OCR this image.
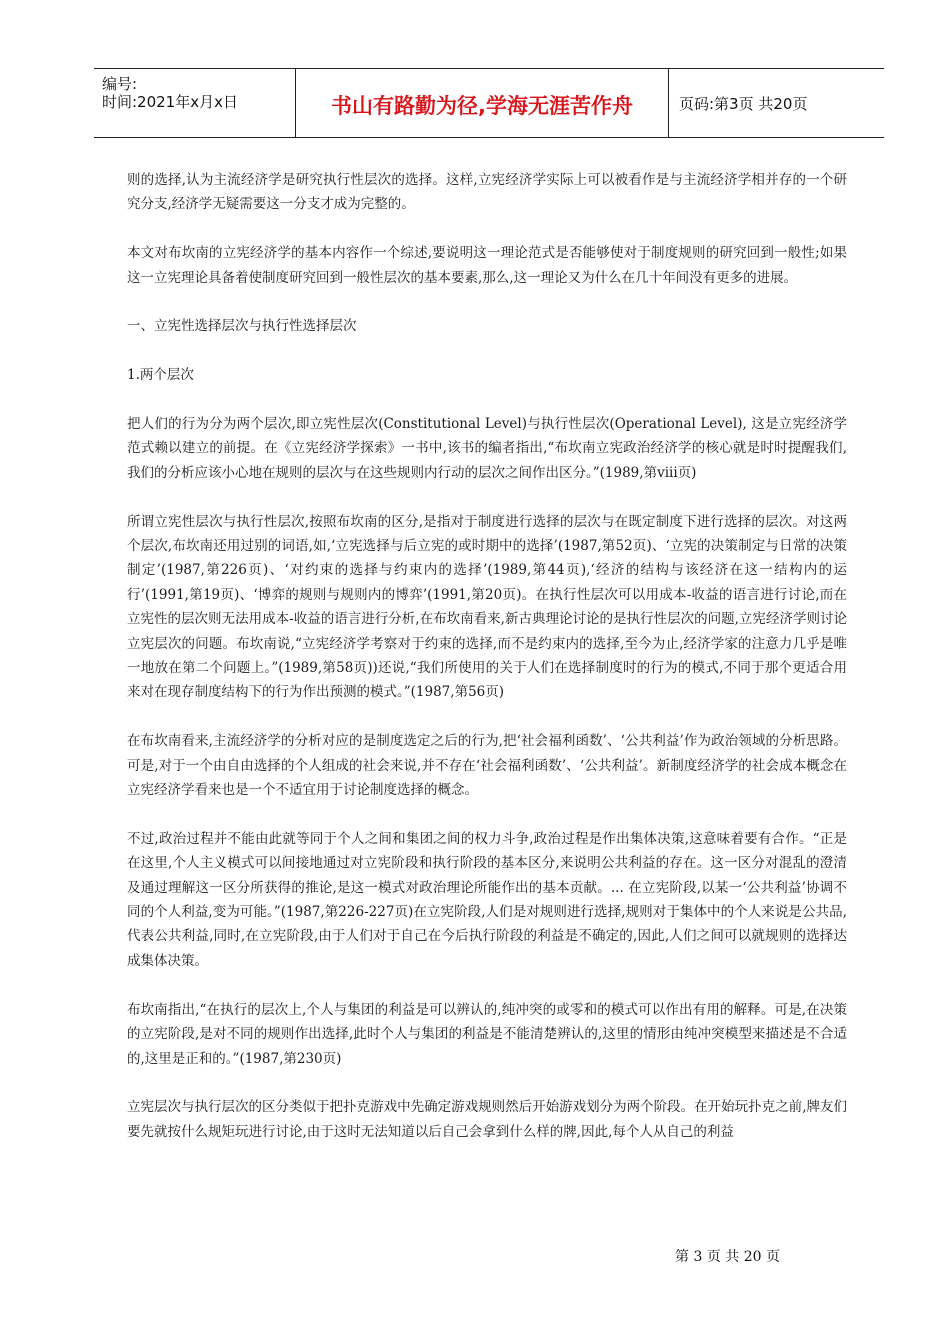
编号:
时间:2021年x月x日	书山有路勤为径,学海无涯苦作舟	页码:第3页 共20页

则的选择,认为主流经济学是研究执行性层次的选择。这样,立宪经济学实际上可以被看作是与主流经济学相并存的一个研究分支,经济学无疑需要这一分支才成为完整的。

本文对布坎南的立宪经济学的基本内容作一个综述,要说明这一理论范式是否能够使对于制度规则的研究回到一般性;如果这一立宪理论具备着使制度研究回到一般性层次的基本要素,那么,这一理论又为什么在几十年间没有更多的进展。

一、立宪性选择层次与执行性选择层次

1.两个层次

把人们的行为分为两个层次,即立宪性层次(Constitutional Level)与执行性层次(Operational Level), 这是立宪经济学范式赖以建立的前提。在《立宪经济学探索》一书中,该书的编者指出,“布坎南立宪政治经济学的核心就是时时提醒我们,我们的分析应该小心地在规则的层次与在这些规则内行动的层次之间作出区分。”(1989,第viii页)

所谓立宪性层次与执行性层次,按照布坎南的区分,是指对于制度进行选择的层次与在既定制度下进行选择的层次。对这两个层次,布坎南还用过别的词语,如,‘立宪选择与后立宪的或时期中的选择’(1987,第52页)、‘立宪的决策制定与日常的决策制定’(1987,第226页)、‘对约束的选择与约束内的选择’(1989,第44页),‘经济的结构与该经济在这一结构内的运行’(1991,第19页)、‘博弈的规则与规则内的博弈’(1991,第20页)。在执行性层次可以用成本-收益的语言进行讨论,而在立宪性的层次则无法用成本-收益的语言进行分析,在布坎南看来,新古典理论讨论的是执行性层次的问题,立宪经济学则讨论立宪层次的问题。布坎南说,“立宪经济学考察对于约束的选择,而不是约束内的选择,至今为止,经济学家的注意力几乎是唯一地放在第二个问题上。”(1989,第58页))还说,“我们所使用的关于人们在选择制度时的行为的模式,不同于那个更适合用来对在现存制度结构下的行为作出预测的模式。”(1987,第56页)

在布坎南看来,主流经济学的分析对应的是制度选定之后的行为,把‘社会福利函数’、‘公共利益’作为政治领域的分析思路。可是,对于一个由自由选择的个人组成的社会来说,并不存在‘社会福利函数’、‘公共利益’。新制度经济学的社会成本概念在立宪经济学看来也是一个不适宜用于讨论制度选择的概念。

不过,政治过程并不能由此就等同于个人之间和集团之间的权力斗争,政治过程是作出集体决策,这意味着要有合作。“正是在这里,个人主义模式可以间接地通过对立宪阶段和执行阶段的基本区分,来说明公共利益的存在。这一区分对混乱的澄清及通过理解这一区分所获得的推论,是这一模式对政治理论所能作出的基本贡献。... 在立宪阶段,以某一‘公共利益’协调不同的个人利益,变为可能。”(1987,第226-227页)在立宪阶段,人们是对规则进行选择,规则对于集体中的个人来说是公共品,代表公共利益,同时,在立宪阶段,由于人们对于自己在今后执行阶段的利益是不确定的,因此,人们之间可以就规则的选择达成集体决策。

布坎南指出,“在执行的层次上,个人与集团的利益是可以辨认的,纯冲突的或零和的模式可以作出有用的解释。可是,在决策的立宪阶段,是对不同的规则作出选择,此时个人与集团的利益是不能清楚辨认的,这里的情形由纯冲突模型来描述是不合适的,这里是正和的。”(1987,第230页)

立宪层次与执行层次的区分类似于把扑克游戏中先确定游戏规则然后开始游戏划分为两个阶段。在开始玩扑克之前,牌友们要先就按什么规矩玩进行讨论,由于这时无法知道以后自己会拿到什么样的牌,因此,每个人从自己的利益

第 3 页 共 20 页
